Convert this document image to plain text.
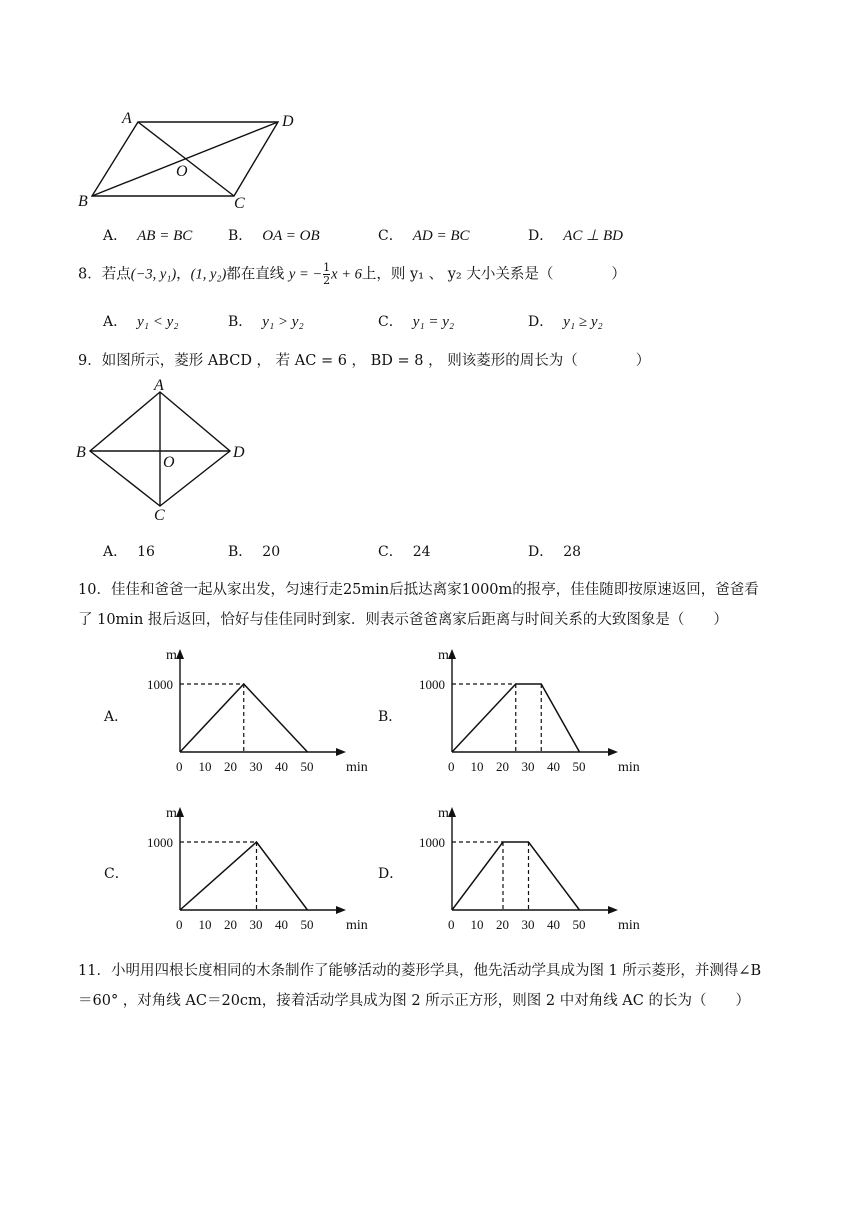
A	D
O
B	C
A． AB = BC	B． OA = OB	C． AD = BC	D． AC ⊥ BD
8．若点(−3, y₁)，(1, y₂)都在直线 y = − $\frac{1}{2}$ x + 6上，则 y₁ 、 y₂ 大小关系是（　　　　）
A． y₁ < y₂	B． y₁ > y₂	C． y₁ = y₂	D． y₁ ≥ y₂
9．如图所示，菱形 ABCD ， 若 AC = 6 ， BD = 8 ， 则该菱形的周长为（　　　　）
A
B
O
D
C
A． 16	B． 20	C． 24	D． 28
10．佳佳和爸爸一起从家出发，匀速行走25min后抵达离家1000m的报亭，佳佳随即按原速返回，爸爸看
了 10min 报后返回，恰好与佳佳同时到家．则表示爸爸离家后距离与时间关系的大致图象是（　　）
A．
m
min
1000
0 10 20 30 40 50
B．
m
min
1000
0 10 20 30 40 50
C．
m
min
1000
0 10 20 30 40 50
D．
m
min
1000
0 10 20 30 40 50
11．小明用四根长度相同的木条制作了能够活动的菱形学具，他先活动学具成为图 1 所示菱形，并测得∠B
＝60° ，对角线 AC＝20cm，接着活动学具成为图 2 所示正方形，则图 2 中对角线 AC 的长为（　　）
